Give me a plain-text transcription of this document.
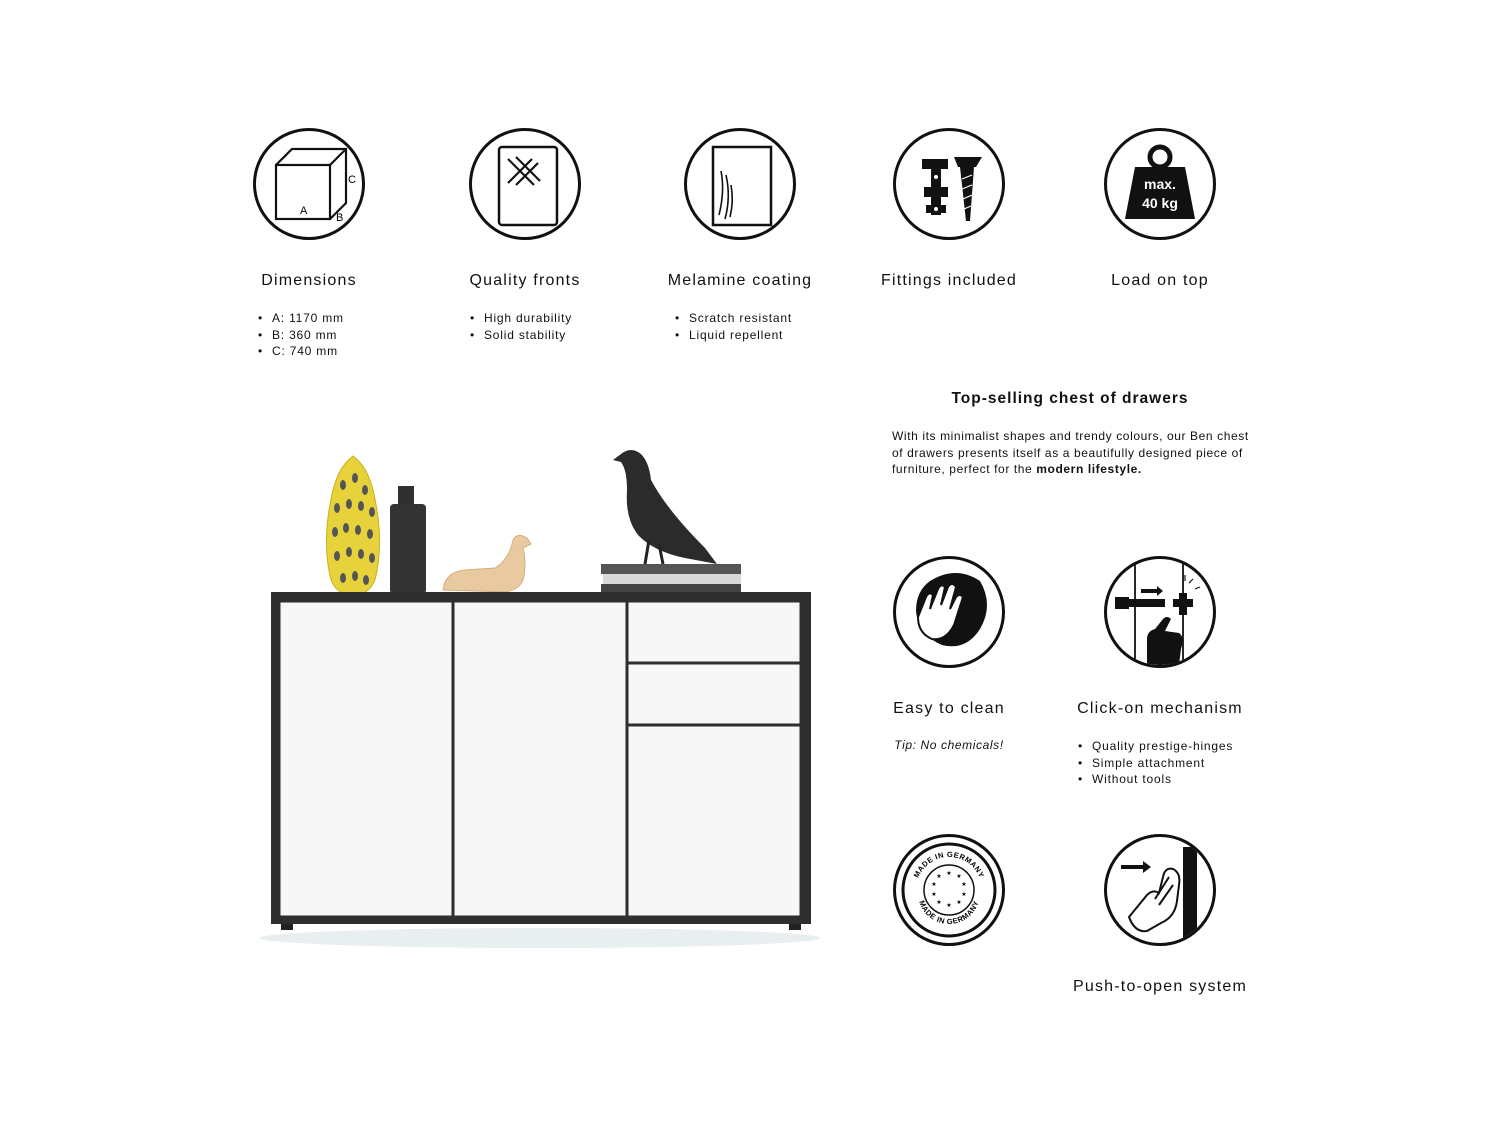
A
B
C
Dimensions
• A: 1170 mm
• B: 360 mm
• C: 740 mm
Quality fronts
• High durability
• Solid stability
Melamine coating
• Scratch resistant
• Liquid repellent
Fittings included
max.
40 kg
Load on top
Top-selling chest of drawers
With its minimalist shapes and trendy colours, our Ben chest of drawers presents itself as a beautifully designed piece of furniture, perfect for the modern lifestyle.
Easy to clean
Tip: No chemicals!
Click-on mechanism
• Quality prestige-hinges
• Simple attachment
• Without tools
MADE IN GERMANY
MADE IN GERMANY
★ ★
★
★
★
★
★
★
★
★
Push-to-open system
